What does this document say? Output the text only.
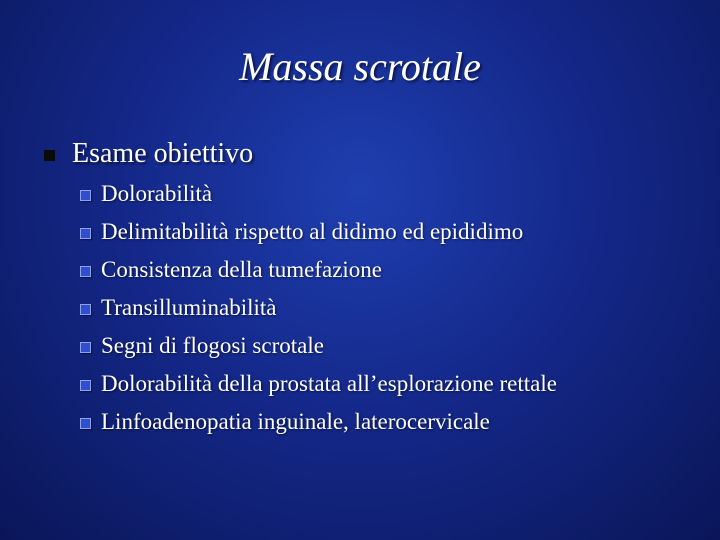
Massa scrotale
Esame obiettivo
Dolorabilità
Delimitabilità rispetto al didimo ed epididimo
Consistenza della tumefazione
Transilluminabilità
Segni di flogosi scrotale
Dolorabilità della prostata all’esplorazione rettale
Linfoadenopatia inguinale, laterocervicale
